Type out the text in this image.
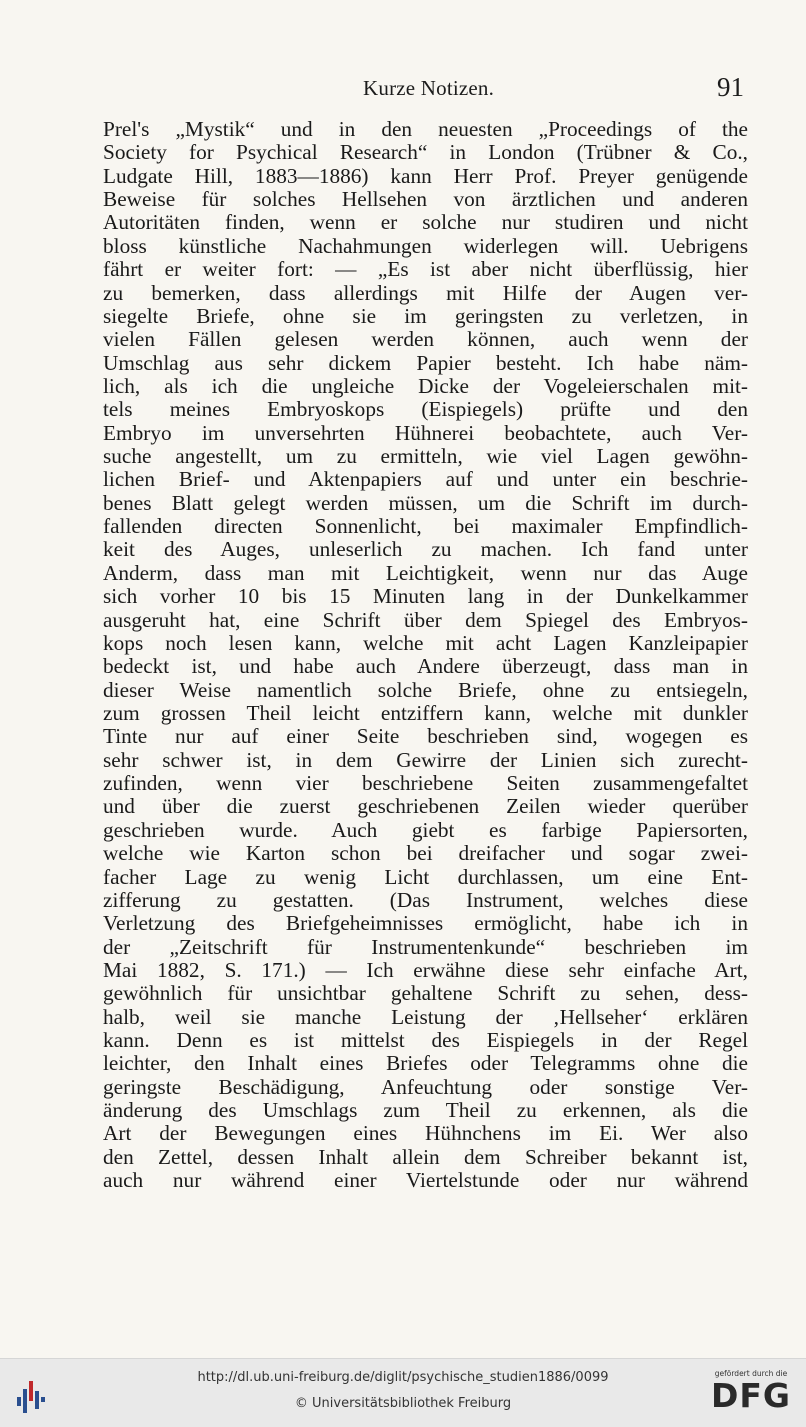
Kurze Notizen.	91
Prel's „Mystik“ und in den neuesten „Proceedings of the
Society for Psychical Research“ in London (Trübner & Co.,
Ludgate Hill, 1883—1886) kann Herr Prof. Preyer genügende
Beweise für solches Hellsehen von ärztlichen und anderen
Autoritäten finden, wenn er solche nur studiren und nicht
bloss künstliche Nachahmungen widerlegen will. Uebrigens
fährt er weiter fort: — „Es ist aber nicht überflüssig, hier
zu bemerken, dass allerdings mit Hilfe der Augen ver-
siegelte Briefe, ohne sie im geringsten zu verletzen, in
vielen Fällen gelesen werden können, auch wenn der
Umschlag aus sehr dickem Papier besteht. Ich habe näm-
lich, als ich die ungleiche Dicke der Vogeleierschalen mit-
tels meines Embryoskops (Eispiegels) prüfte und den
Embryo im unversehrten Hühnerei beobachtete, auch Ver-
suche angestellt, um zu ermitteln, wie viel Lagen gewöhn-
lichen Brief- und Aktenpapiers auf und unter ein beschrie-
benes Blatt gelegt werden müssen, um die Schrift im durch-
fallenden directen Sonnenlicht, bei maximaler Empfindlich-
keit des Auges, unleserlich zu machen. Ich fand unter
Anderm, dass man mit Leichtigkeit, wenn nur das Auge
sich vorher 10 bis 15 Minuten lang in der Dunkelkammer
ausgeruht hat, eine Schrift über dem Spiegel des Embryos-
kops noch lesen kann, welche mit acht Lagen Kanzleipapier
bedeckt ist, und habe auch Andere überzeugt, dass man in
dieser Weise namentlich solche Briefe, ohne zu entsiegeln,
zum grossen Theil leicht entziffern kann, welche mit dunkler
Tinte nur auf einer Seite beschrieben sind, wogegen es
sehr schwer ist, in dem Gewirre der Linien sich zurecht-
zufinden, wenn vier beschriebene Seiten zusammengefaltet
und über die zuerst geschriebenen Zeilen wieder querüber
geschrieben wurde. Auch giebt es farbige Papiersorten,
welche wie Karton schon bei dreifacher und sogar zwei-
facher Lage zu wenig Licht durchlassen, um eine Ent-
zifferung zu gestatten. (Das Instrument, welches diese
Verletzung des Briefgeheimnisses ermöglicht, habe ich in
der „Zeitschrift für Instrumentenkunde“ beschrieben im
Mai 1882, S. 171.) — Ich erwähne diese sehr einfache Art,
gewöhnlich für unsichtbar gehaltene Schrift zu sehen, dess-
halb, weil sie manche Leistung der ‚Hellseher‘ erklären
kann. Denn es ist mittelst des Eispiegels in der Regel
leichter, den Inhalt eines Briefes oder Telegramms ohne die
geringste Beschädigung, Anfeuchtung oder sonstige Ver-
änderung des Umschlags zum Theil zu erkennen, als die
Art der Bewegungen eines Hühnchens im Ei. Wer also
den Zettel, dessen Inhalt allein dem Schreiber bekannt ist,
auch nur während einer Viertelstunde oder nur während
http://dl.ub.uni-freiburg.de/diglit/psychische_studien1886/0099
© Universitätsbibliothek Freiburg
gefördert durch die
DFG
